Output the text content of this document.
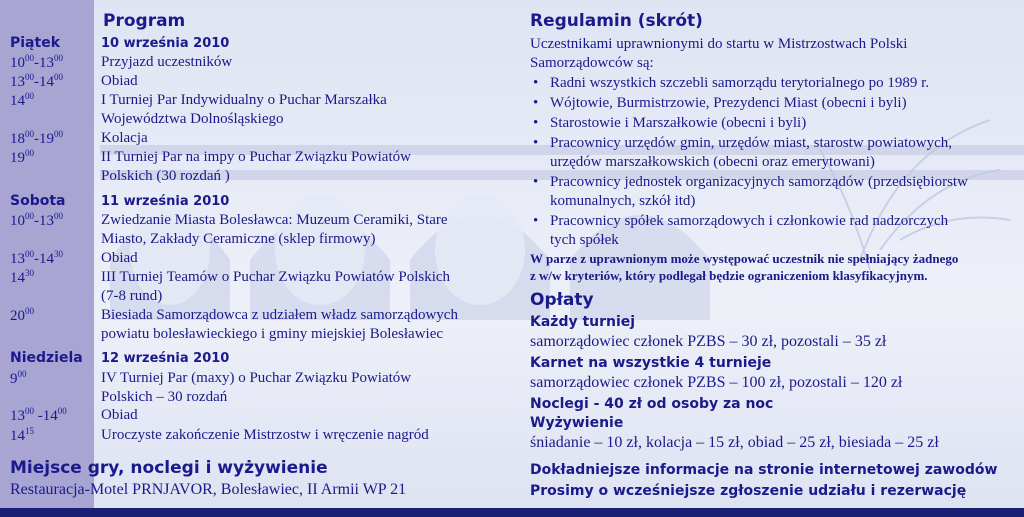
Program
Piątek	10 września 2010
$10^{00}-13^{00}$	Przyjazd uczestników
$13^{00}-14^{00}$	Obiad
$14^{00}$	I Turniej Par Indywidualny o Puchar Marszałka
Województwa Dolnośląskiego
$18^{00}-19^{00}$	Kolacja
$19^{00}$	II Turniej Par na impy o Puchar Związku Powiatów
Polskich (30 rozdań )
Sobota	11 września 2010
$10^{00}-13^{00}$	Zwiedzanie Miasta Bolesławca: Muzeum Ceramiki, Stare
Miasto, Zakłady Ceramiczne (sklep firmowy)
$13^{00}-14^{30}$	Obiad
$14^{30}$	III Turniej Teamów o Puchar Związku Powiatów Polskich
(7-8 rund)
$20^{00}$	Biesiada Samorządowca z udziałem władz samorządowych
powiatu bolesławieckiego i gminy miejskiej Bolesławiec
Niedziela 12 września 2010
$9^{00}$	IV Turniej Par (maxy) o Puchar Związku Powiatów
Polskich – 30 rozdań
$13^{00}$ $-14^{00}$ Obiad
$14^{15}$	Uroczyste zakończenie Mistrzostw i wręczenie nagród
Miejsce gry, noclegi i wyżywienie
Restauracja-Motel PRNJAVOR, Bolesławiec, II Armii WP 21
Regulamin (skrót)
Uczestnikami uprawnionymi do startu w Mistrzostwach Polski
Samorządowców są:
• Radni wszystkich szczebli samorządu terytorialnego po 1989 r.
• Wójtowie, Burmistrzowie, Prezydenci Miast (obecni i byli)
• Starostowie i Marszałkowie (obecni i byli)
• Pracownicy urzędów gmin, urzędów miast, starostw powiatowych,
urzędów marszałkowskich (obecni oraz emerytowani)
• Pracownicy jednostek organizacyjnych samorządów (przedsiębiorstw
komunalnych, szkół itd)
• Pracownicy spółek samorządowych i członkowie rad nadzorczych
tych spółek
W parze z uprawnionym może występować uczestnik nie spełniający żadnego
z w/w kryteriów, który podlegał będzie ograniczeniom klasyfikacyjnym.
Opłaty
Każdy turniej
samorządowiec członek PZBS – 30 zł, pozostali – 35 zł
Karnet na wszystkie 4 turnieje
samorządowiec członek PZBS – 100 zł, pozostali – 120 zł
Noclegi - 40 zł od osoby za noc
Wyżywienie
śniadanie – 10 zł, kolacja – 15 zł, obiad – 25 zł, biesiada – 25 zł
Dokładniejsze informacje na stronie internetowej zawodów
Prosimy o wcześniejsze zgłoszenie udziału i rezerwację
